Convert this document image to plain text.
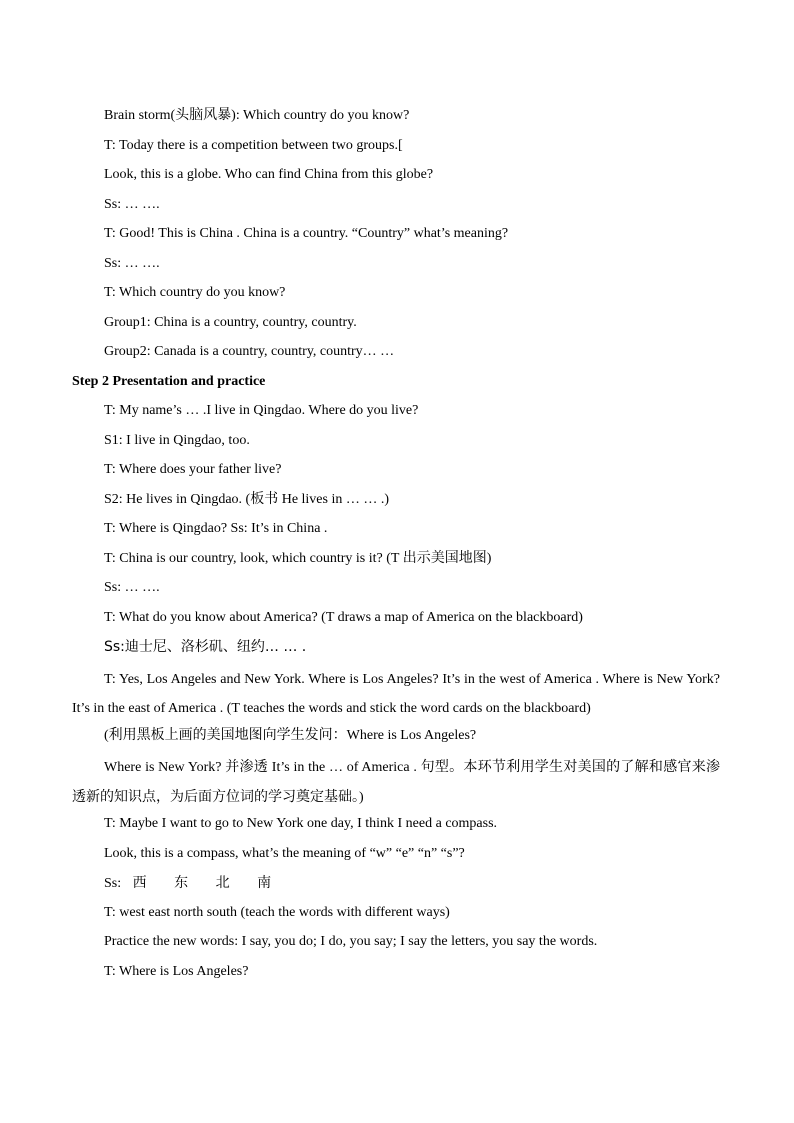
Brain storm(头脑风暴): Which country do you know?
T: Today there is a competition between two groups.[
Look, this is a globe. Who can find China from this globe?
Ss: … ….
T: Good! This is China . China is a country. “Country” what’s meaning?
Ss: … ….
T: Which country do you know?
Group1: China is a country, country, country.
Group2: Canada is a country, country, country… …
Step 2 Presentation and practice
T: My name’s … .I live in Qingdao. Where do you live?
S1: I live in Qingdao, too.
T: Where does your father live?
S2: He lives in Qingdao. (板书 He lives in … … .)
T: Where is Qingdao? Ss: It’s in China .
T: China is our country, look, which country is it? (T 出示美国地图)
Ss: … ….
T: What do you know about America? (T draws a map of America on the blackboard)
Ss:迪士尼、洛杉矶、纽约… … .
T: Yes, Los Angeles and New York. Where is Los Angeles? It’s in the west of America . Where is New York? It’s in the east of America . (T teaches the words and stick the word cards on the blackboard)
(利用黑板上画的美国地图向学生发问：Where is Los Angeles?
Where is New York? 并渗透 It’s in the … of America . 句型。本环节利用学生对美国的了解和感官来渗透新的知识点，为后面方位词的学习奠定基础。)
T: Maybe I want to go to New York one day, I think I need a compass.
Look, this is a compass, what’s the meaning of “w” “e” “n” “s”?
Ss: 西 东 北 南
T: west east north south (teach the words with different ways)
Practice the new words: I say, you do; I do, you say; I say the letters, you say the words.
T: Where is Los Angeles?
